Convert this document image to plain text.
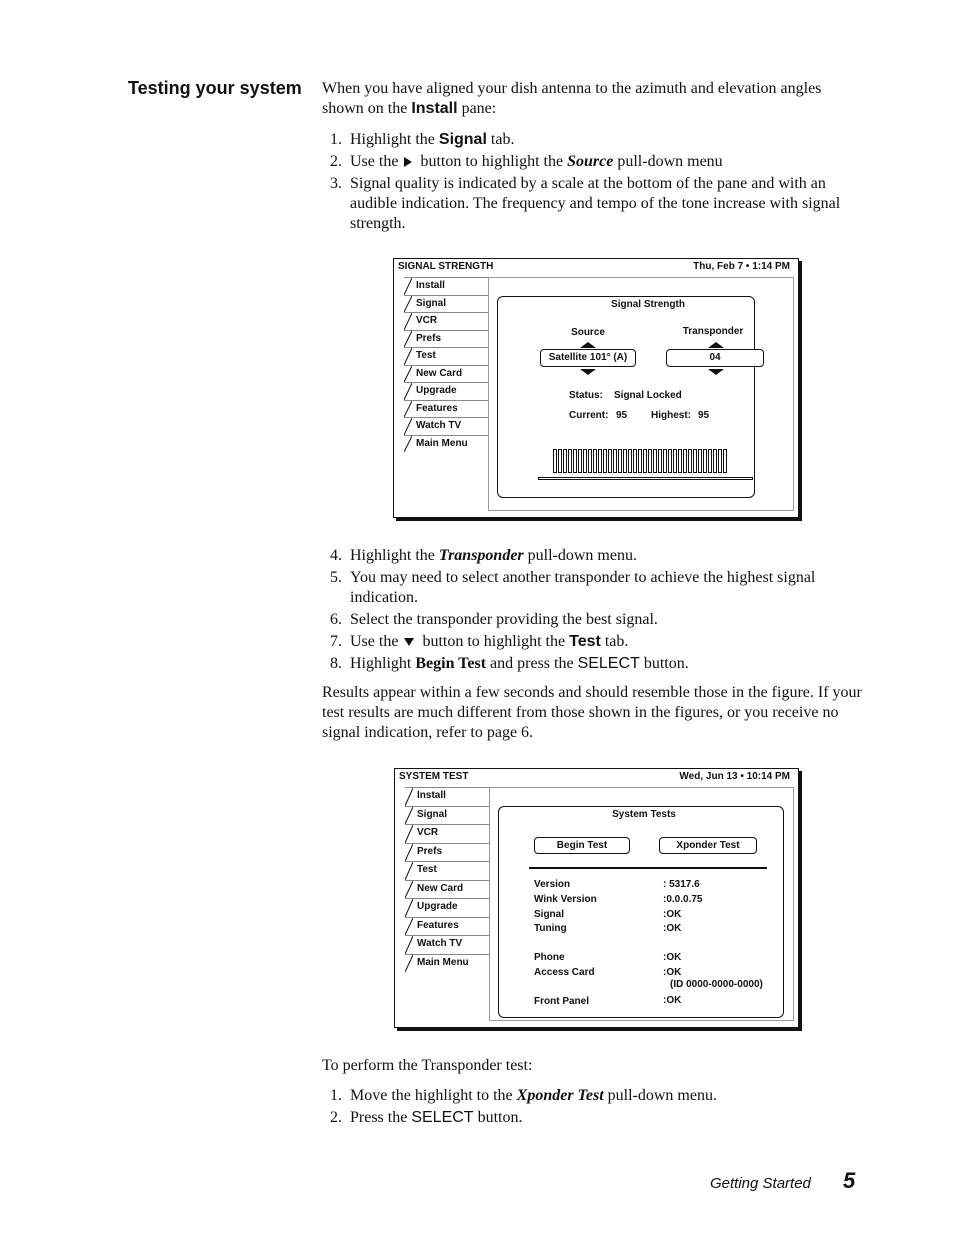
Testing your system When you have aligned your dish antenna to the azimuth and elevation angles shown on the Install pane:
1. Highlight the Signal tab.
2. Use the  button to highlight the Source pull-down menu
3. Signal quality is indicated by a scale at the bottom of the pane and with an audible indication. The frequency and tempo of the tone increase with signal strength.
SIGNAL STRENGTH	Thu, Feb 7 • 1:14 PM
Install
Signal
VCR
Prefs
Test
New Card
Upgrade
Features
Watch TV
Main Menu
Signal Strength
Source
Satellite 101° (A)
Transponder
04
Status: Signal Locked
Current: 95 Highest: 95
4. Highlight the Transponder pull-down menu.
5. You may need to select another transponder to achieve the highest signal indication.
6. Select the transponder providing the best signal.
7. Use the  button to highlight the Test tab.
8. Highlight Begin Test and press the SELECT button.
Results appear within a few seconds and should resemble those in the figure. If your test results are much different from those shown in the figures, or you receive no signal indication, refer to page 6.
SYSTEM TEST	Wed, Jun 13 • 10:14 PM
Install
Signal
VCR
Prefs
Test
New Card
Upgrade
Features
Watch TV
Main Menu
System Tests
Begin Test	Xponder Test
Version	: 5317.6
Wink Version	:0.0.0.75
Signal	:OK
Tuning	:OK
Phone	:OK
Access Card	:OK
(ID 0000-0000-0000)
Front Panel	:OK
To perform the Transponder test:
1. Move the highlight to the Xponder Test pull-down menu.
2. Press the SELECT button.
Getting Started 5
